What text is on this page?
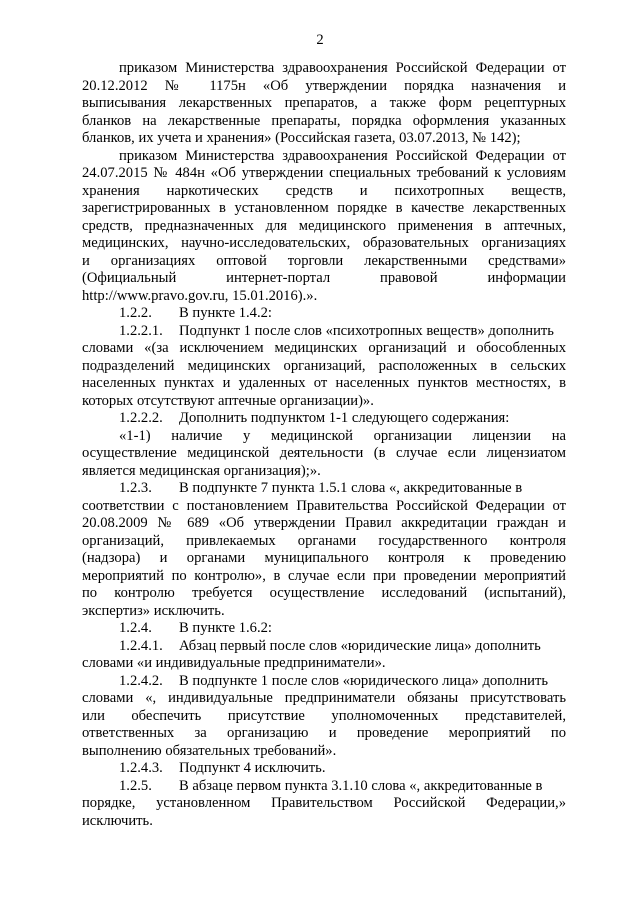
2
приказом Министерства здравоохранения Российской Федерации от
20.12.2012 № 1175н «Об утверждении порядка назначения и
выписывания лекарственных препаратов, а также форм рецептурных
бланков на лекарственные препараты, порядка оформления указанных
бланков, их учета и хранения» (Российская газета, 03.07.2013, № 142);
приказом Министерства здравоохранения Российской Федерации от
24.07.2015 № 484н «Об утверждении специальных требований к условиям
хранения наркотических средств и психотропных веществ,
зарегистрированных в установленном порядке в качестве лекарственных
средств, предназначенных для медицинского применения в аптечных,
медицинских, научно-исследовательских, образовательных организациях
и организациях оптовой торговли лекарственными средствами»
(Официальный интернет-портал правовой информации
http://www.pravo.gov.ru, 15.01.2016).».
1.2.2. В пункте 1.4.2:
1.2.2.1. Подпункт 1 после слов «психотропных веществ» дополнить
словами «(за исключением медицинских организаций и обособленных
подразделений медицинских организаций, расположенных в сельских
населенных пунктах и удаленных от населенных пунктов местностях, в
которых отсутствуют аптечные организации)».
1.2.2.2. Дополнить подпунктом 1-1 следующего содержания:
«1-1) наличие у медицинской организации лицензии на
осуществление медицинской деятельности (в случае если лицензиатом
является медицинская организация);».
1.2.3. В подпункте 7 пункта 1.5.1 слова «, аккредитованные в
соответствии с постановлением Правительства Российской Федерации от
20.08.2009 № 689 «Об утверждении Правил аккредитации граждан и
организаций, привлекаемых органами государственного контроля
(надзора) и органами муниципального контроля к проведению
мероприятий по контролю», в случае если при проведении мероприятий
по контролю требуется осуществление исследований (испытаний),
экспертиз» исключить.
1.2.4. В пункте 1.6.2:
1.2.4.1. Абзац первый после слов «юридические лица» дополнить
словами «и индивидуальные предприниматели».
1.2.4.2. В подпункте 1 после слов «юридического лица» дополнить
словами «, индивидуальные предприниматели обязаны присутствовать
или обеспечить присутствие уполномоченных представителей,
ответственных за организацию и проведение мероприятий по
выполнению обязательных требований».
1.2.4.3. Подпункт 4 исключить.
1.2.5. В абзаце первом пункта 3.1.10 слова «, аккредитованные в
порядке, установленном Правительством Российской Федерации,»
исключить.
